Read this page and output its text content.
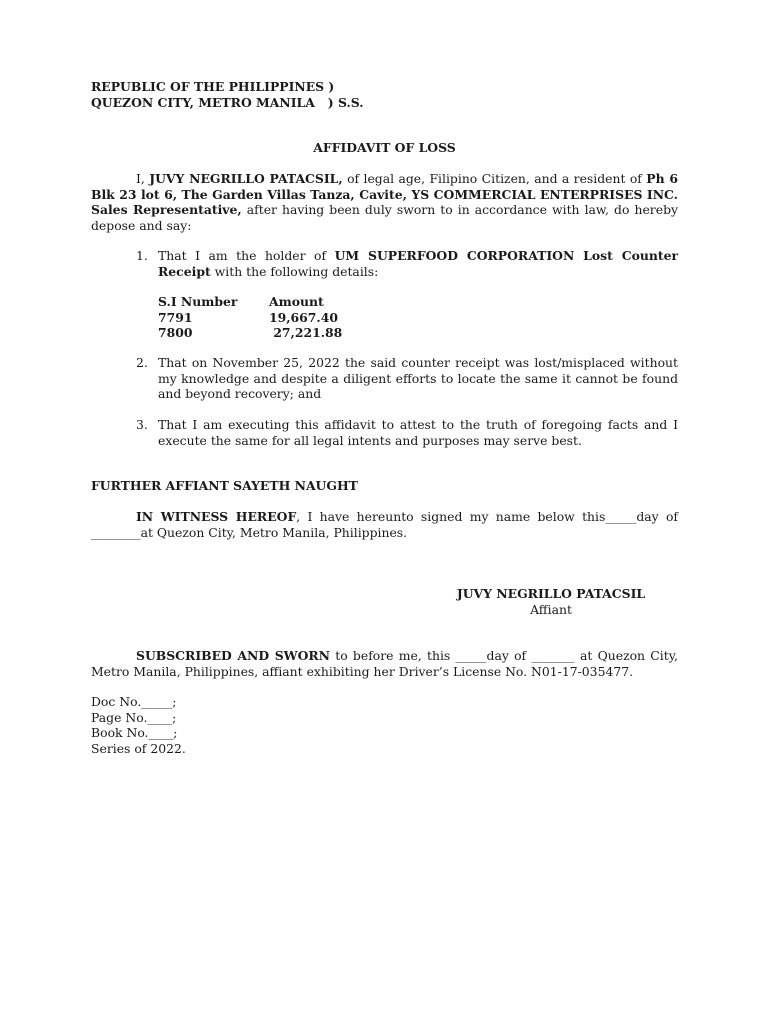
REPUBLIC OF THE PHILIPPINES )
QUEZON CITY, METRO MANILA   ) S.S.
AFFIDAVIT OF LOSS
I, JUVY NEGRILLO PATACSIL, of legal age, Filipino Citizen, and a resident of Ph 6 Blk 23 lot 6, The Garden Villas Tanza, Cavite, YS COMMERCIAL ENTERPRISES INC. Sales Representative, after having been duly sworn to in accordance with law, do hereby depose and say:
1. That I am the holder of UM SUPERFOOD CORPORATION Lost Counter Receipt with the following details:
S.I Number	Amount
7791	19,667.40
7800	27,221.88
2. That on November 25, 2022 the said counter receipt was lost/misplaced without my knowledge and despite a diligent efforts to locate the same it cannot be found and beyond recovery; and
3. That I am executing this affidavit to attest to the truth of foregoing facts and I execute the same for all legal intents and purposes may serve best.
FURTHER AFFIANT SAYETH NAUGHT
IN WITNESS HEREOF, I have hereunto signed my name below this_____day of ________at Quezon City, Metro Manila, Philippines.
JUVY NEGRILLO PATACSIL
Affiant
SUBSCRIBED AND SWORN to before me, this _____day of _______ at Quezon City, Metro Manila, Philippines, affiant exhibiting her Driver’s License No. N01-17-035477.
Doc No._____;
Page No.____;
Book No.____;
Series of 2022.
